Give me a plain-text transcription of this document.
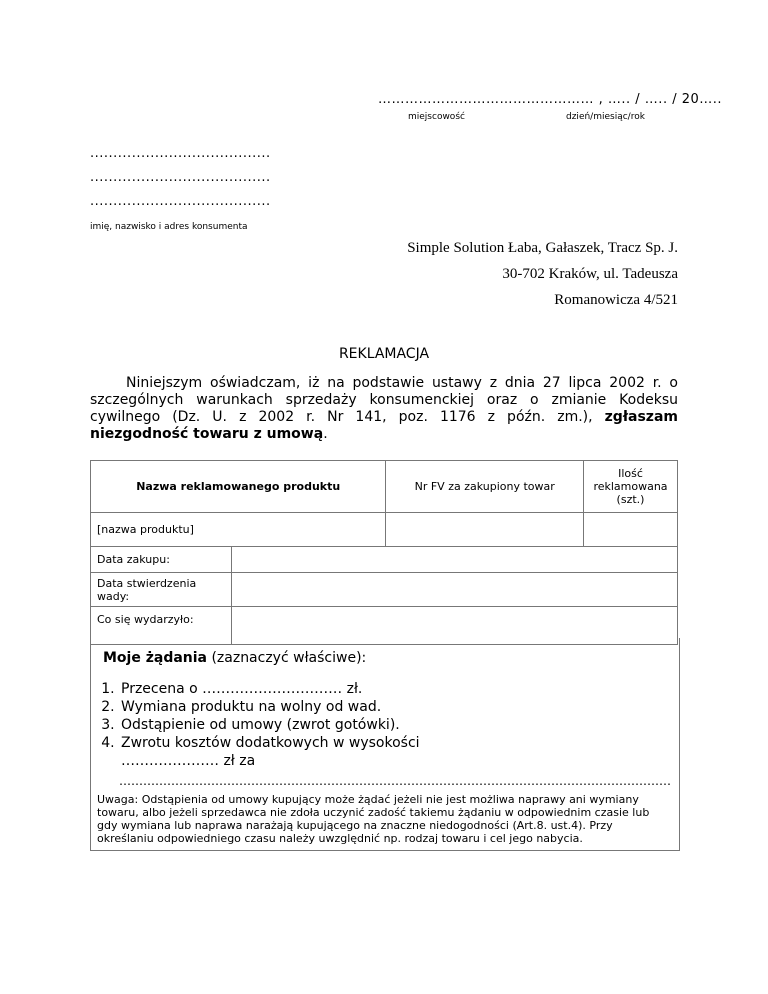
………………………………………… , ….. / ….. / 20…..
miejscowość	dzień/miesiąc/rok
.......................................
.......................................
.......................................
imię, nazwisko i adres konsumenta
Simple Solution Łaba, Gałaszek, Tracz Sp. J.
30-702 Kraków, ul. Tadeusza
Romanowicza 4/521
REKLAMACJA
Niniejszym oświadczam, iż na podstawie ustawy z dnia 27 lipca 2002 r. o szczególnych warunkach sprzedaży konsumenckiej oraz o zmianie Kodeksu cywilnego (Dz. U. z 2002 r. Nr 141, poz. 1176 z późn. zm.), zgłaszam niezgodność towaru z umową.
Nazwa reklamowanego produktu		Nr FV za zakupiony towar	Ilość reklamowana (szt.)
[nazwa produktu]			
Data zakupu:			
Data stwierdzenia wady:			
Co się wydarzyło:			
Moje żądania (zaznaczyć właściwe):
1. Przecena o ………………………… zł.
2. Wymiana produktu na wolny od wad.
3. Odstąpienie od umowy (zwrot gotówki).
4. Zwrotu kosztów dodatkowych w wysokości ………………… zł za
…………………………………………………………………………………………………………………………
Uwaga: Odstąpienia od umowy kupujący może żądać jeżeli nie jest możliwa naprawy ani wymiany towaru, albo jeżeli sprzedawca nie zdoła uczynić zadość takiemu żądaniu w odpowiednim czasie lub gdy wymiana lub naprawa narażają kupującego na znaczne niedogodności (Art.8. ust.4). Przy określaniu odpowiedniego czasu należy uwzględnić np. rodzaj towaru i cel jego nabycia.
